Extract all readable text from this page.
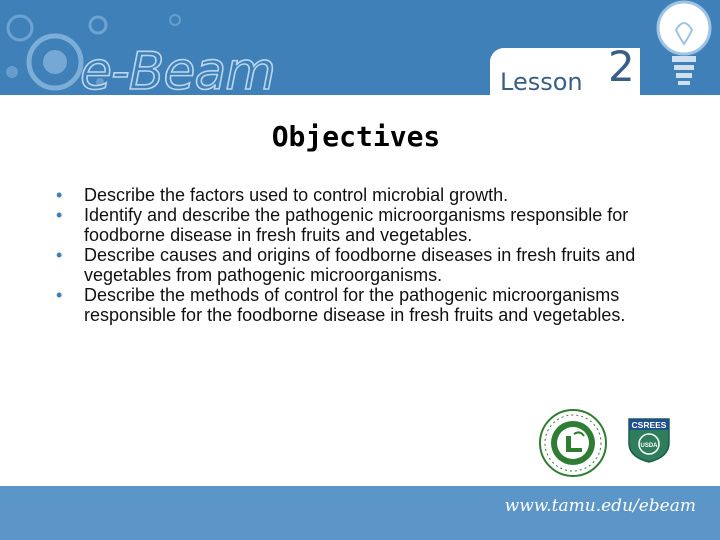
e-Beam	Lesson 2
Objectives
• Describe the factors used to control microbial growth.
• Identify and describe the pathogenic microorganisms responsible for foodborne disease in fresh fruits and vegetables.
• Describe causes and origins of foodborne diseases in fresh fruits and vegetables from pathogenic microorganisms.
• Describe the methods of control for the pathogenic microorganisms responsible for the foodborne disease in fresh fruits and vegetables.
CSREES
USDA
www.tamu.edu/ebeam
